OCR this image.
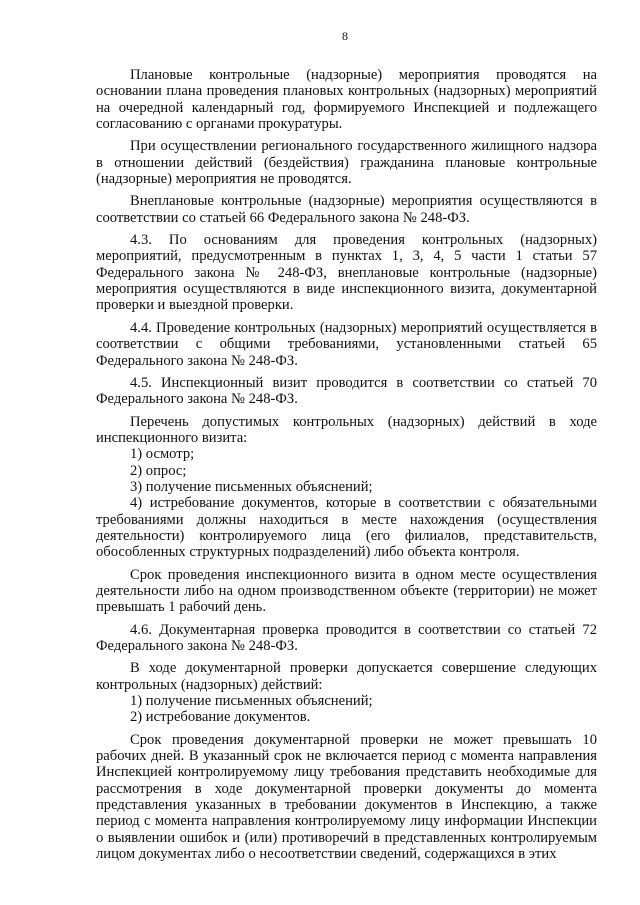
8

Плановые контрольные (надзорные) мероприятия проводятся на основании плана проведения плановых контрольных (надзорных) мероприятий на очередной календарный год, формируемого Инспекцией и подлежащего согласованию с органами прокуратуры.

При осуществлении регионального государственного жилищного надзора в отношении действий (бездействия) гражданина плановые контрольные (надзорные) мероприятия не проводятся.

Внеплановые контрольные (надзорные) мероприятия осуществляются в соответствии со статьей 66 Федерального закона № 248-ФЗ.

4.3. По основаниям для проведения контрольных (надзорных) мероприятий, предусмотренным в пунктах 1, 3, 4, 5 части 1 статьи 57 Федерального закона № 248-ФЗ, внеплановые контрольные (надзорные) мероприятия осуществляются в виде инспекционного визита, документарной проверки и выездной проверки.

4.4. Проведение контрольных (надзорных) мероприятий осуществляется в соответствии с общими требованиями, установленными статьей 65 Федерального закона № 248-ФЗ.

4.5. Инспекционный визит проводится в соответствии со статьей 70 Федерального закона № 248-ФЗ.

Перечень допустимых контрольных (надзорных) действий в ходе инспекционного визита:

1) осмотр;

2) опрос;

3) получение письменных объяснений;

4) истребование документов, которые в соответствии с обязательными требованиями должны находиться в месте нахождения (осуществления деятельности) контролируемого лица (его филиалов, представительств, обособленных структурных подразделений) либо объекта контроля.

Срок проведения инспекционного визита в одном месте осуществления деятельности либо на одном производственном объекте (территории) не может превышать 1 рабочий день.

4.6. Документарная проверка проводится в соответствии со статьей 72 Федерального закона № 248-ФЗ.

В ходе документарной проверки допускается совершение следующих контрольных (надзорных) действий:

1) получение письменных объяснений;

2) истребование документов.

Срок проведения документарной проверки не может превышать 10 рабочих дней. В указанный срок не включается период с момента направления Инспекцией контролируемому лицу требования представить необходимые для рассмотрения в ходе документарной проверки документы до момента представления указанных в требовании документов в Инспекцию, а также период с момента направления контролируемому лицу информации Инспекции о выявлении ошибок и (или) противоречий в представленных контролируемым лицом документах либо о несоответствии сведений, содержащихся в этих
